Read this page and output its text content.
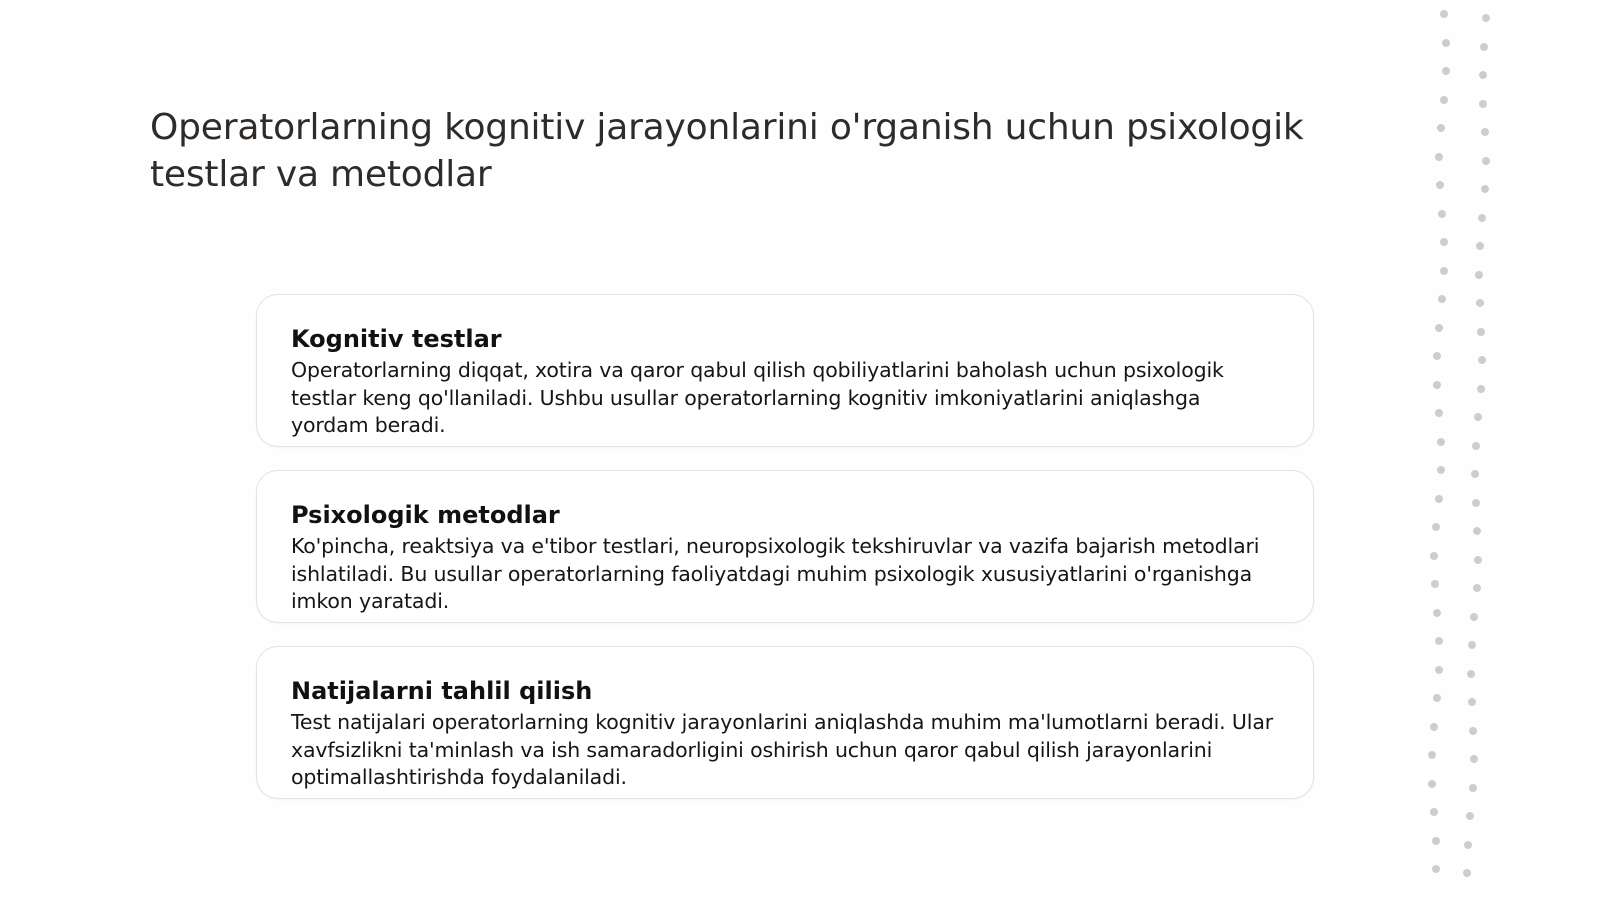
Operatorlarning kognitiv jarayonlarini o'rganish uchun psixologik testlar va metodlar
Kognitiv testlar

Operatorlarning diqqat, xotira va qaror qabul qilish qobiliyatlarini baholash uchun psixologik testlar keng qo'llaniladi. Ushbu usullar operatorlarning kognitiv imkoniyatlarini aniqlashga yordam beradi.

Psixologik metodlar

Ko'pincha, reaktsiya va e'tibor testlari, neuropsixologik tekshiruvlar va vazifa bajarish metodlari ishlatiladi. Bu usullar operatorlarning faoliyatdagi muhim psixologik xususiyatlarini o'rganishga imkon yaratadi.

Natijalarni tahlil qilish

Test natijalari operatorlarning kognitiv jarayonlarini aniqlashda muhim ma'lumotlarni beradi. Ular xavfsizlikni ta'minlash va ish samaradorligini oshirish uchun qaror qabul qilish jarayonlarini optimallashtirishda foydalaniladi.
